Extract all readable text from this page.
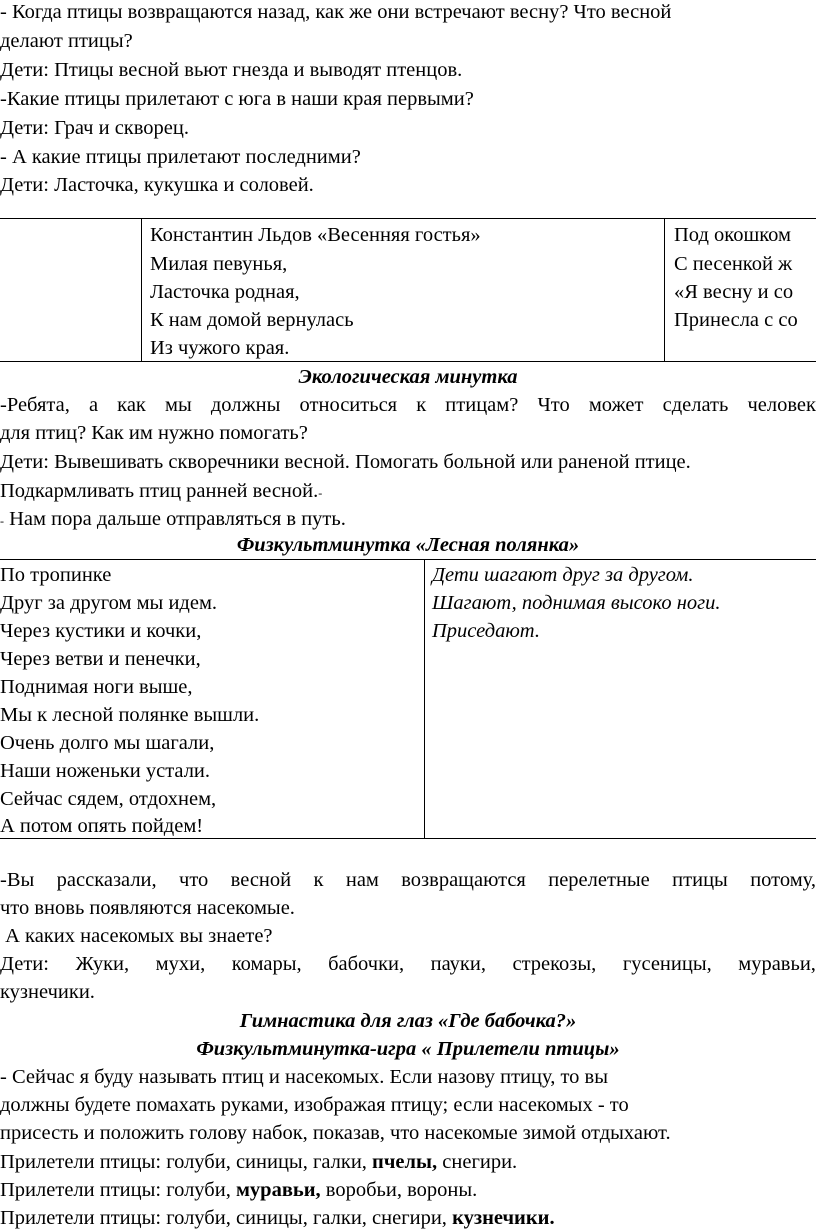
- Когда птицы возвращаются назад, как же они встречают весну? Что весной
делают птицы?
Дети: Птицы весной вьют гнезда и выводят птенцов.
-Какие птицы прилетают с юга в наши края первыми?
Дети: Грач и скворец.
- А какие птицы прилетают последними?
Дети: Ласточка, кукушка и соловей.
Константин Льдов «Весенняя гостья»
Милая певунья,
Ласточка родная,
К нам домой вернулась
Из чужого края.
Под окошком
С песенкой ж
«Я весну и со
Принесла с со
Экологическая минутка
-Ребята, а как мы должны относиться к птицам? Что может сделать человек
для птиц? Как им нужно помогать?
Дети: Вывешивать скворечники весной. Помогать больной или раненой птице.
Подкармливать птиц ранней весной.-
- Нам пора дальше отправляться в путь.
Физкультминутка «Лесная полянка»
По тропинке
Друг за другом мы идем.
Через кустики и кочки,
Через ветви и пенечки,
Поднимая ноги выше,
Мы к лесной полянке вышли.
Очень долго мы шагали,
Наши ноженьки устали.
Сейчас сядем, отдохнем,
А потом опять пойдем!
Дети шагают друг за другом.
Шагают, поднимая высоко ноги.
Приседают.
-Вы рассказали, что весной к нам возвращаются перелетные птицы потому,
что вновь появляются насекомые.
А каких насекомых вы знаете?
Дети: Жуки, мухи, комары, бабочки, пауки, стрекозы, гусеницы, муравьи,
кузнечики.
Гимнастика для глаз «Где бабочка?»
Физкультминутка-игра « Прилетели птицы»
- Сейчас я буду называть птиц и насекомых. Если назову птицу, то вы
должны будете помахать руками, изображая птицу; если насекомых - то
присесть и положить голову набок, показав, что насекомые зимой отдыхают.
Прилетели птицы: голуби, синицы, галки, пчелы, снегири.
Прилетели птицы: голуби, муравьи, воробьи, вороны.
Прилетели птицы: голуби, синицы, галки, снегири, кузнечики.
